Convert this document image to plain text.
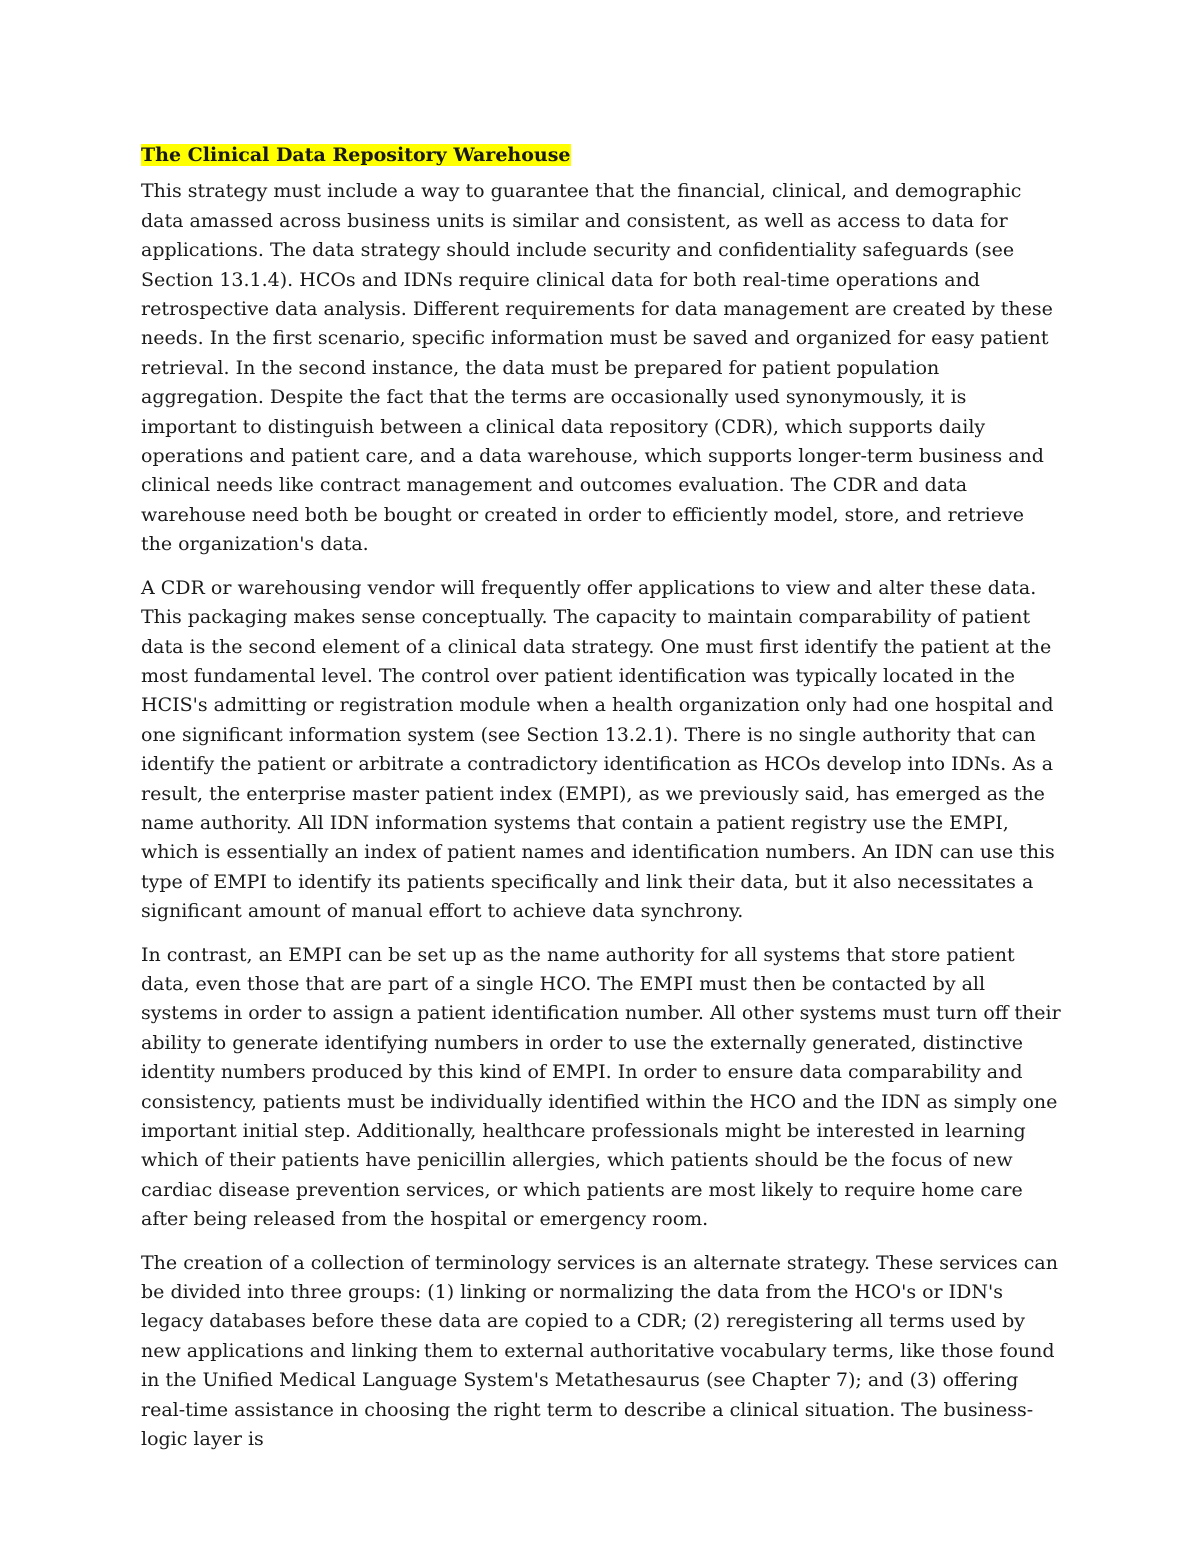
The Clinical Data Repository Warehouse

This strategy must include a way to guarantee that the financial, clinical, and demographic data amassed across business units is similar and consistent, as well as access to data for applications. The data strategy should include security and confidentiality safeguards (see Section 13.1.4). HCOs and IDNs require clinical data for both real-time operations and retrospective data analysis. Different requirements for data management are created by these needs. In the first scenario, specific information must be saved and organized for easy patient retrieval. In the second instance, the data must be prepared for patient population aggregation. Despite the fact that the terms are occasionally used synonymously, it is important to distinguish between a clinical data repository (CDR), which supports daily operations and patient care, and a data warehouse, which supports longer-term business and clinical needs like contract management and outcomes evaluation. The CDR and data warehouse need both be bought or created in order to efficiently model, store, and retrieve the organization's data.

A CDR or warehousing vendor will frequently offer applications to view and alter these data. This packaging makes sense conceptually. The capacity to maintain comparability of patient data is the second element of a clinical data strategy. One must first identify the patient at the most fundamental level. The control over patient identification was typically located in the HCIS's admitting or registration module when a health organization only had one hospital and one significant information system (see Section 13.2.1). There is no single authority that can identify the patient or arbitrate a contradictory identification as HCOs develop into IDNs. As a result, the enterprise master patient index (EMPI), as we previously said, has emerged as the name authority. All IDN information systems that contain a patient registry use the EMPI, which is essentially an index of patient names and identification numbers. An IDN can use this type of EMPI to identify its patients specifically and link their data, but it also necessitates a significant amount of manual effort to achieve data synchrony.

In contrast, an EMPI can be set up as the name authority for all systems that store patient data, even those that are part of a single HCO. The EMPI must then be contacted by all systems in order to assign a patient identification number. All other systems must turn off their ability to generate identifying numbers in order to use the externally generated, distinctive identity numbers produced by this kind of EMPI. In order to ensure data comparability and consistency, patients must be individually identified within the HCO and the IDN as simply one important initial step. Additionally, healthcare professionals might be interested in learning which of their patients have penicillin allergies, which patients should be the focus of new cardiac disease prevention services, or which patients are most likely to require home care after being released from the hospital or emergency room.

The creation of a collection of terminology services is an alternate strategy. These services can be divided into three groups: (1) linking or normalizing the data from the HCO's or IDN's legacy databases before these data are copied to a CDR; (2) reregistering all terms used by new applications and linking them to external authoritative vocabulary terms, like those found in the Unified Medical Language System's Metathesaurus (see Chapter 7); and (3) offering real-time assistance in choosing the right term to describe a clinical situation. The business-logic layer is
